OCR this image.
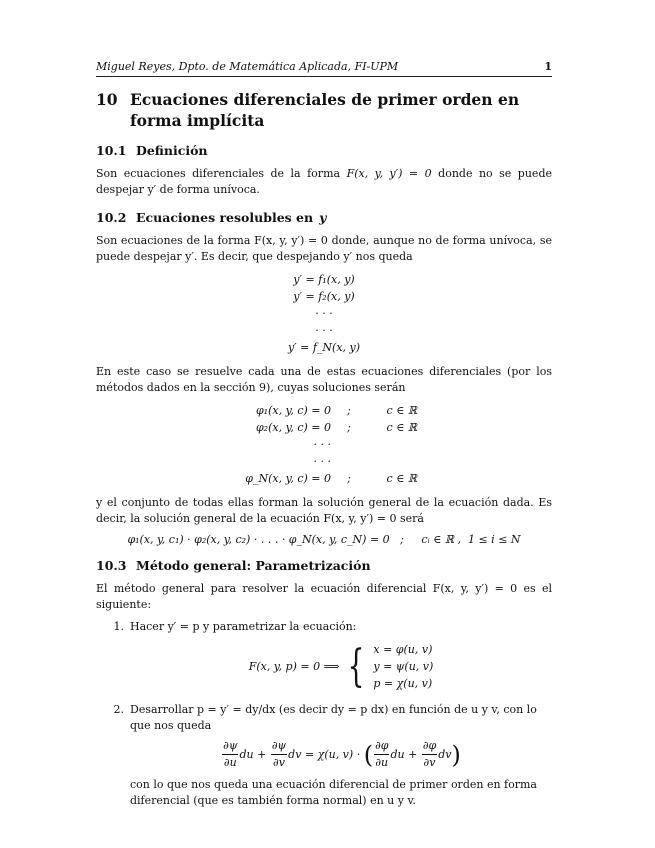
Miguel Reyes, Dpto. de Matemática Aplicada, FI-UPM	1
10 Ecuaciones diferenciales de primer orden en forma implícita
10.1 Definición

Son ecuaciones diferenciales de la forma F(x, y, y′) = 0 donde no se puede despejar y′ de forma unívoca.

10.2 Ecuaciones resolubles en y

Son ecuaciones de la forma F(x, y, y′) = 0 donde, aunque no de forma unívoca, se puede despejar y′. Es decir, que despejando y′ nos queda

y′ = f₁(x, y)
y′ = f₂(x, y)
· · ·
· · ·
y′ = f_N(x, y)

En este caso se resuelve cada una de estas ecuaciones diferenciales (por los métodos dados en la sección 9), cuyas soluciones serán

φ₁(x, y, c) = 0	;	c ∈ ℝ
φ₂(x, y, c) = 0	;	c ∈ ℝ
· · ·
· · ·
φ_N(x, y, c) = 0	;	c ∈ ℝ

y el conjunto de todas ellas forman la solución general de la ecuación dada. Es decir, la solución general de la ecuación F(x, y, y′) = 0 será

φ₁(x, y, c₁) · φ₂(x, y, c₂) · . . . · φ_N(x, y, c_N) = 0   ;     cᵢ ∈ ℝ ,  1 ≤ i ≤ N
10.3 Método general: Parametrización

El método general para resolver la ecuación diferencial F(x, y, y′) = 0 es el siguiente:

1. Hacer y′ = p y parametrizar la ecuación:
F(x, y, p) = 0 ⟹ { x = φ(u, v)
y = ψ(u, v)
p = χ(u, v)
2. Desarrollar p = y′ = dy/dx (es decir dy = p dx) en función de u y v, con lo que nos queda
$\frac{\partial\psi}{\partial u}$ du
+
$\frac{\partial\psi}{\partial v}$ dv
= χ(u, v) ·
( $\frac{\partial\varphi}{\partial u}$ du
+
$\frac{\partial\varphi}{\partial v}$ dv )
con lo que nos queda una ecuación diferencial de primer orden en forma diferencial (que es también forma normal) en u y v.
